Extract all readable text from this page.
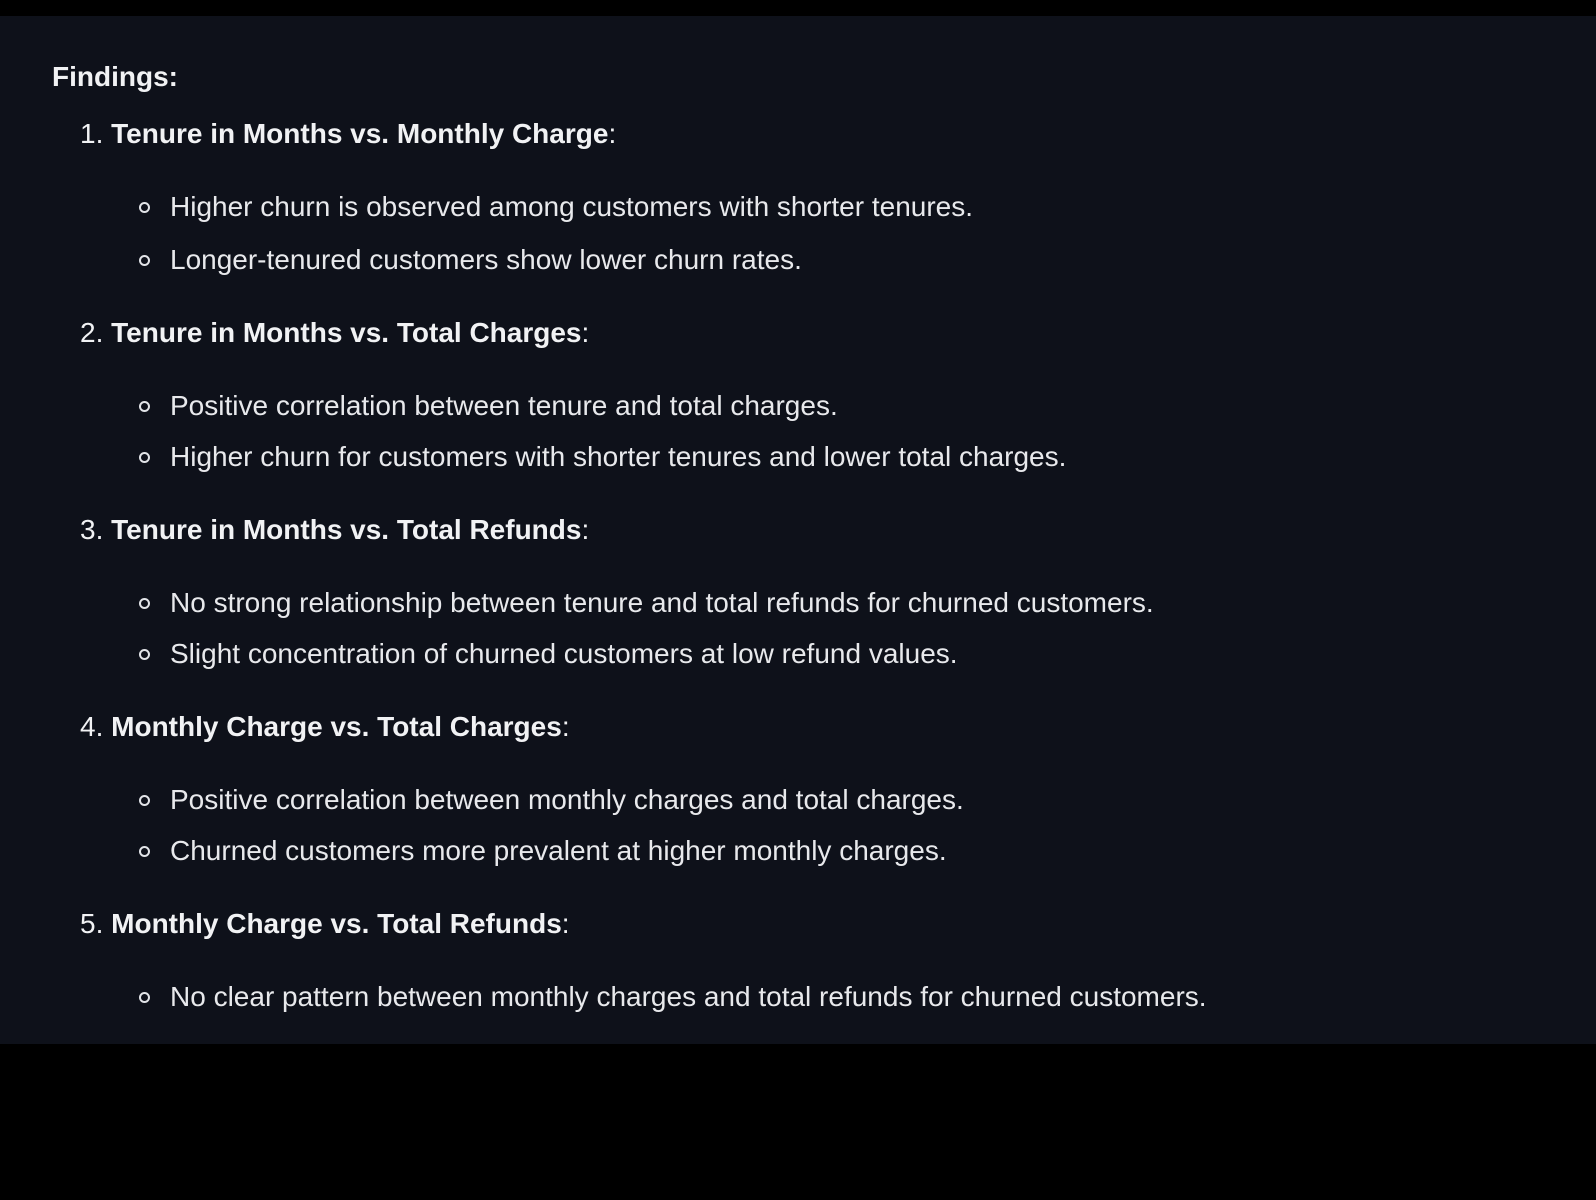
Findings:
1. Tenure in Months vs. Monthly Charge:
Higher churn is observed among customers with shorter tenures.
Longer-tenured customers show lower churn rates.
2. Tenure in Months vs. Total Charges:
Positive correlation between tenure and total charges.
Higher churn for customers with shorter tenures and lower total charges.
3. Tenure in Months vs. Total Refunds:
No strong relationship between tenure and total refunds for churned customers.
Slight concentration of churned customers at low refund values.
4. Monthly Charge vs. Total Charges:
Positive correlation between monthly charges and total charges.
Churned customers more prevalent at higher monthly charges.
5. Monthly Charge vs. Total Refunds:
No clear pattern between monthly charges and total refunds for churned customers.
